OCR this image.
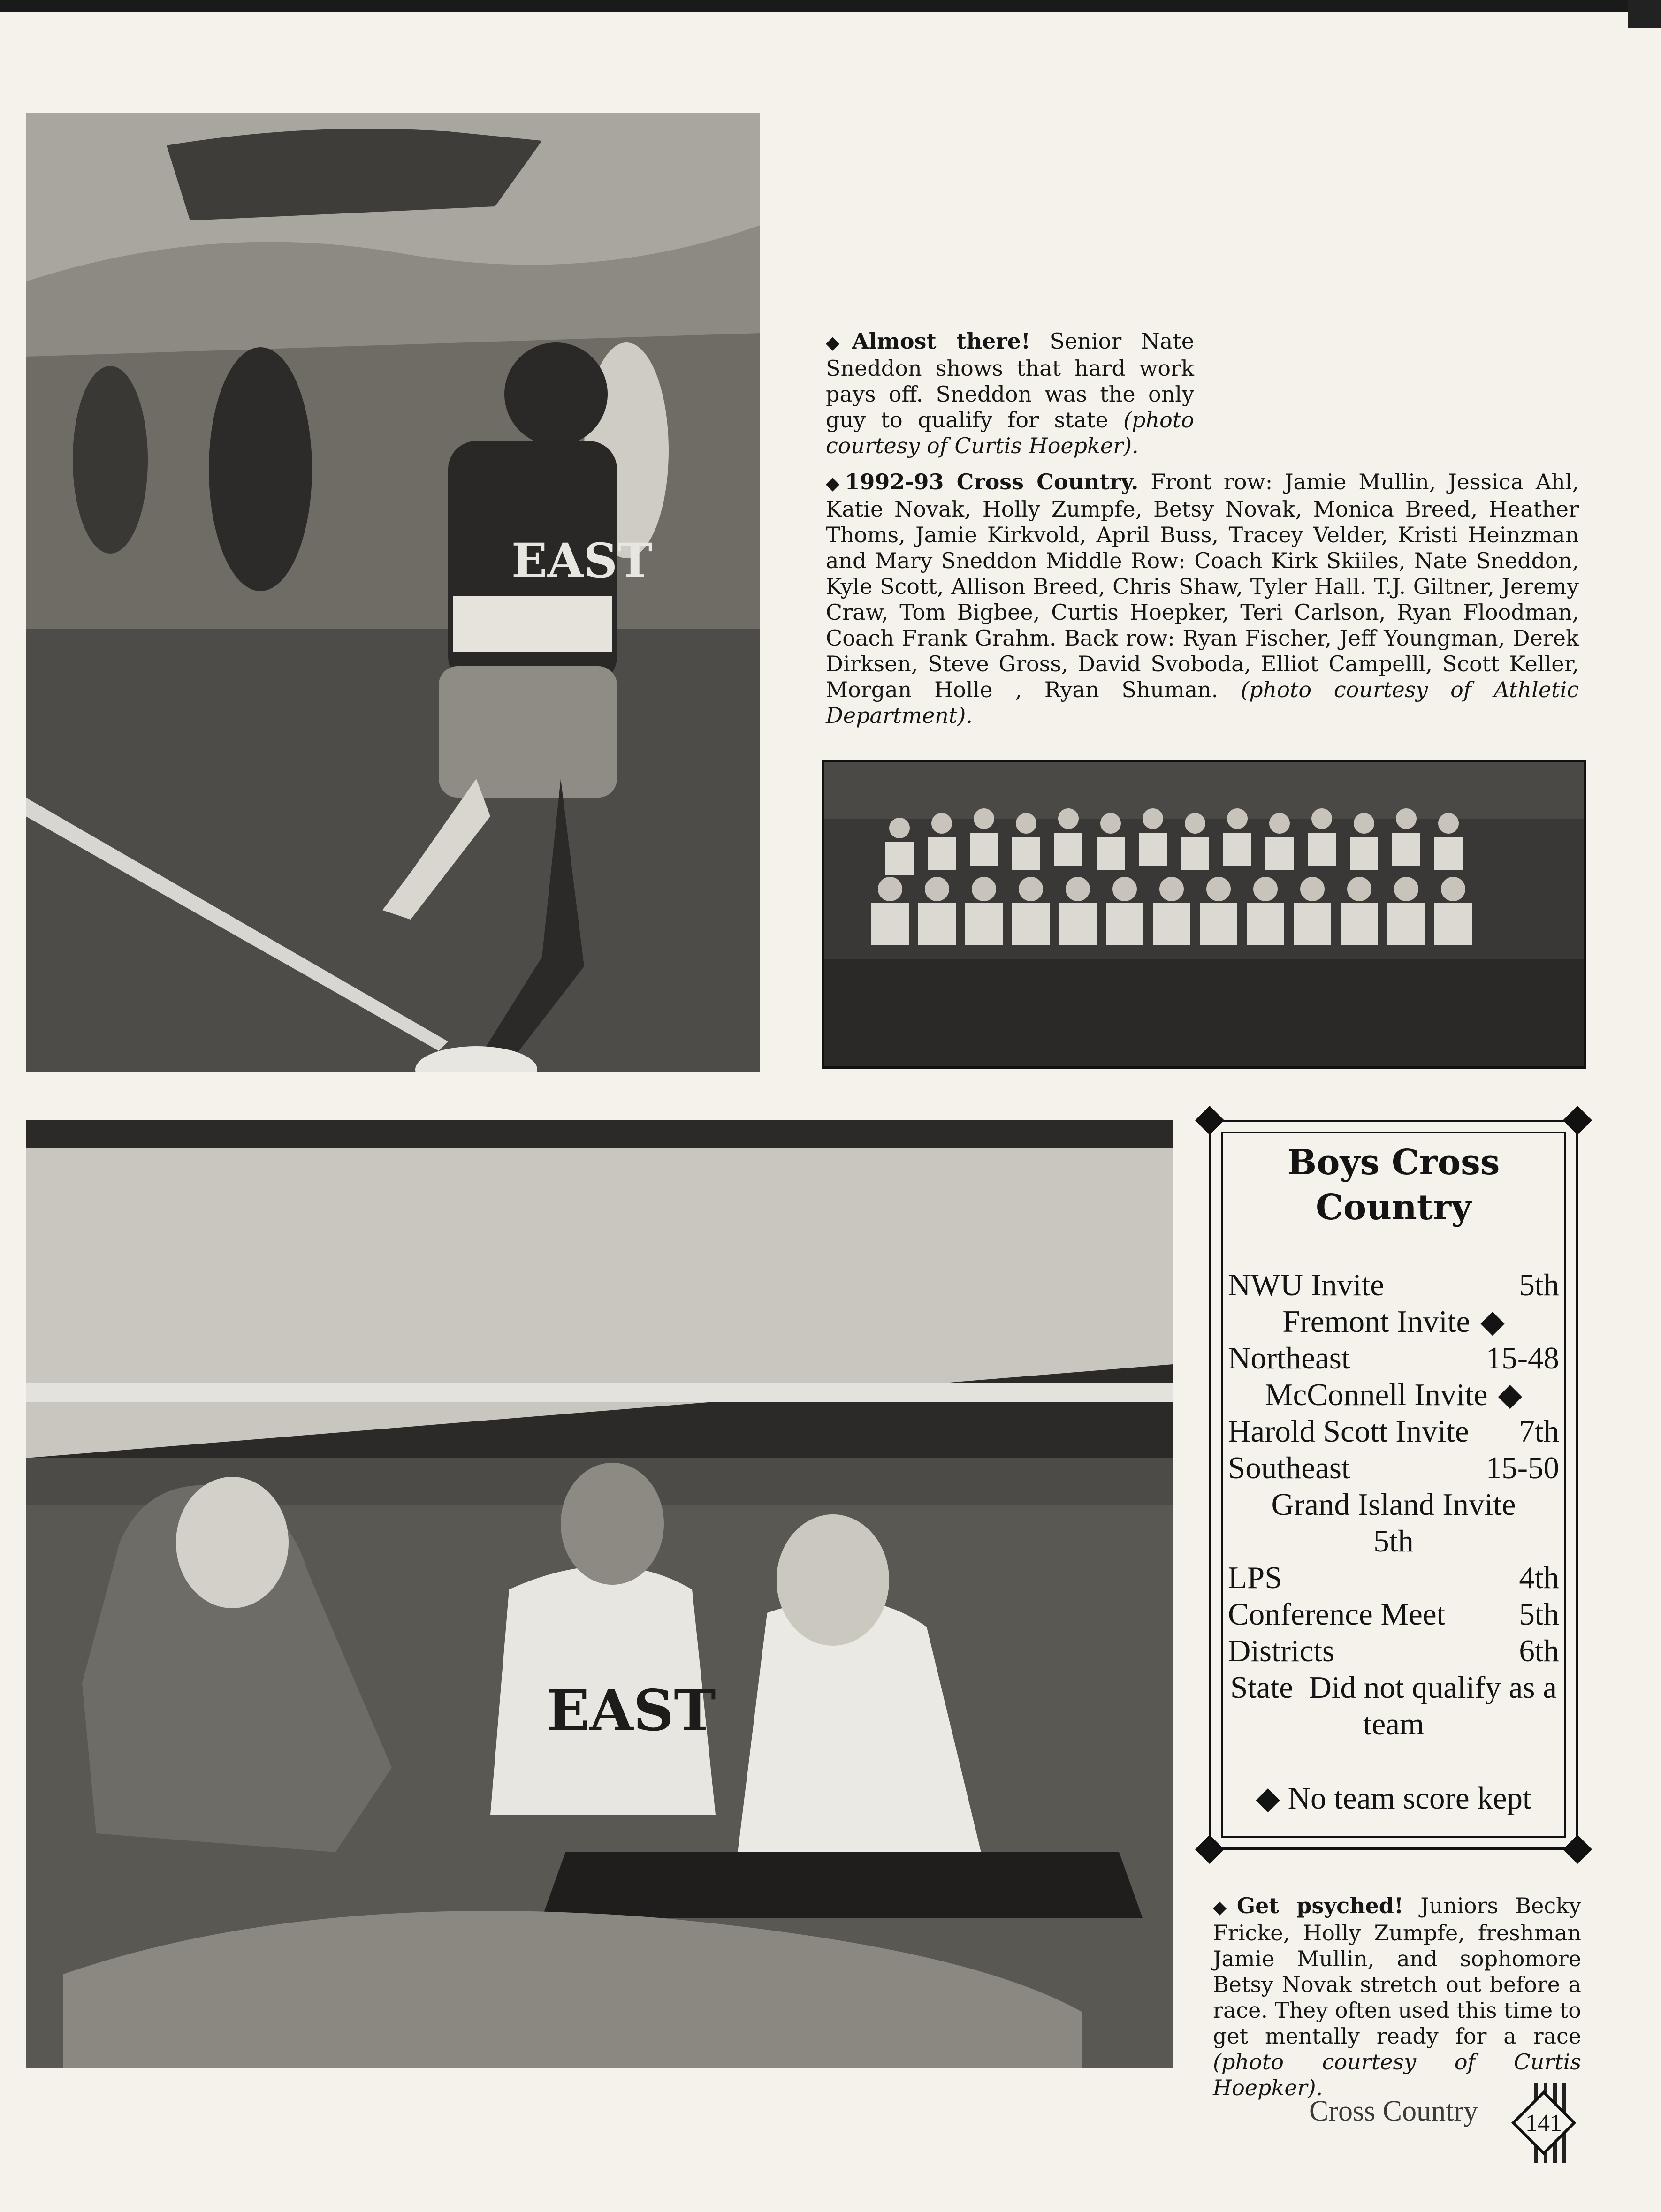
EAST
◆Almost there! Senior Nate Sneddon shows that hard work pays off. Sneddon was the only guy to qualify for state (photo courtesy of Curtis Hoepker).
◆1992-93 Cross Country. Front row: Jamie Mullin, Jessica Ahl, Katie Novak, Holly Zumpfe, Betsy Novak, Monica Breed, Heather Thoms, Jamie Kirkvold, April Buss, Tracey Velder, Kristi Heinzman and Mary Sneddon Middle Row: Coach Kirk Skiiles, Nate Sneddon, Kyle Scott, Allison Breed, Chris Shaw, Tyler Hall. T.J. Giltner, Jeremy Craw, Tom Bigbee, Curtis Hoepker, Teri Carlson, Ryan Floodman, Coach Frank Grahm. Back row: Ryan Fischer, Jeff Youngman, Derek Dirksen, Steve Gross, David Svoboda, Elliot Campelll, Scott Keller, Morgan Holle , Ryan Shuman. (photo courtesy of Athletic Department).
EAST
Boys Cross Country
NWU Invite	5th
Fremont Invite ◆
Northeast	15-48
McConnell Invite ◆
Harold Scott Invite 7th
Southeast	15-50
Grand Island Invite
5th
LPS	4th
Conference Meet 5th
Districts	6th
State Did not qualify as a team
◆ No team score kept
◆Get psyched! Juniors Becky Fricke, Holly Zumpfe, freshman Jamie Mullin, and sophomore Betsy Novak stretch out before a race. They often used this time to get mentally ready for a race (photo courtesy of Curtis Hoepker).
Cross Country 141
